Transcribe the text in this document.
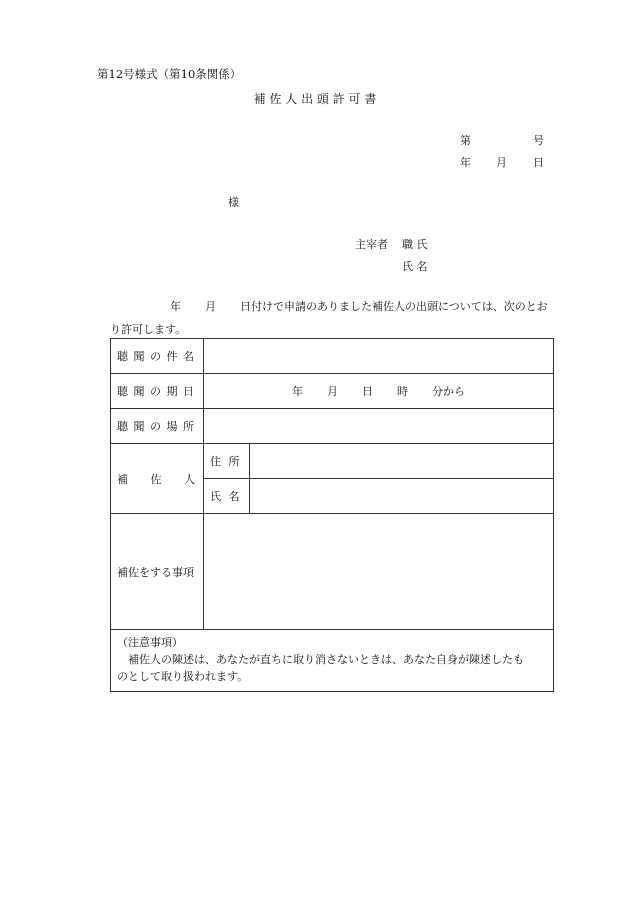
第12号様式（第10条関係）
補 佐 人 出 頭 許 可 書
第	号
年 月 日
様
主宰者 職 氏
氏 名
年 月 日付けで申請のありました補佐人の出頭については、次のとお
り許可します。
聴 聞 の 件 名		
聴 聞 の 期 日	年 月 日 時 分から	
聴 聞 の 場 所		

補 佐 人	住 所	
	氏 名	
補佐をする事項		

（注意事項）
　補佐人の陳述は、あなたが直ちに取り消さないときは、あなた自身が陳述したも
のとして取り扱われます。		
